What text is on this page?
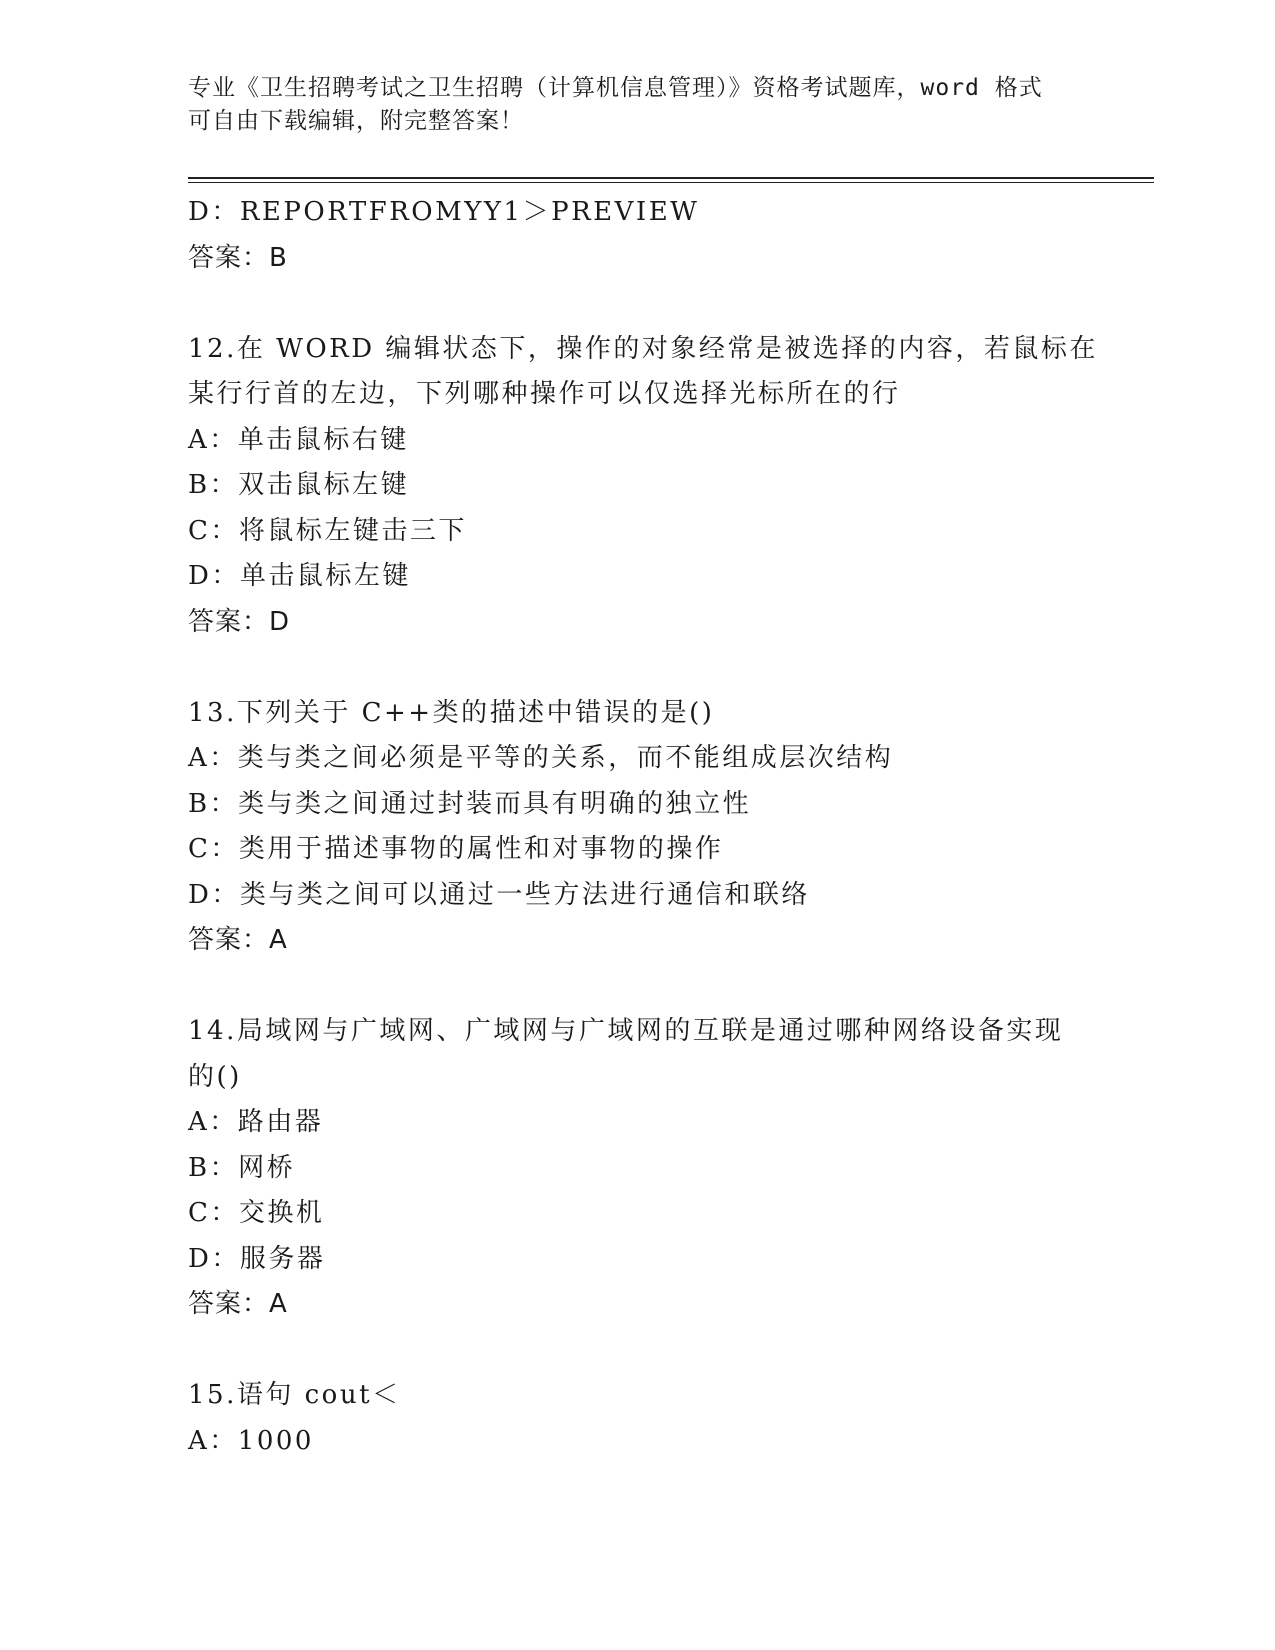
专业《卫生招聘考试之卫生招聘（计算机信息管理）》资格考试题库，word 格式
可自由下载编辑，附完整答案！
D：REPORTFROMYY1＞PREVIEW
答案：B
12.在 WORD 编辑状态下，操作的对象经常是被选择的内容，若鼠标在
某行行首的左边，下列哪种操作可以仅选择光标所在的行
A：单击鼠标右键
B：双击鼠标左键
C：将鼠标左键击三下
D：单击鼠标左键
答案：D
13.下列关于 C++类的描述中错误的是()
A：类与类之间必须是平等的关系，而不能组成层次结构
B：类与类之间通过封装而具有明确的独立性
C：类用于描述事物的属性和对事物的操作
D：类与类之间可以通过一些方法进行通信和联络
答案：A
14.局域网与广域网、广域网与广域网的互联是通过哪种网络设备实现
的()
A：路由器
B：网桥
C：交换机
D：服务器
答案：A
15.语句 cout＜
A：1000
